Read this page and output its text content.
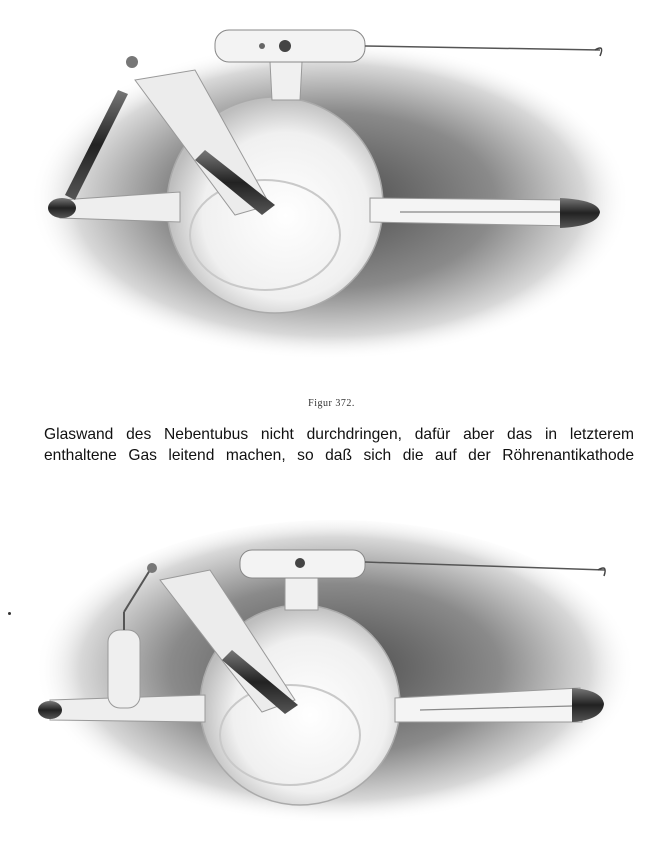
Figur 372.
Glaswand des Nebentubus nicht durchdringen, dafür aber das in letzterem
enthaltene Gas leitend machen, so daß sich die auf der Röhrenantikathode
